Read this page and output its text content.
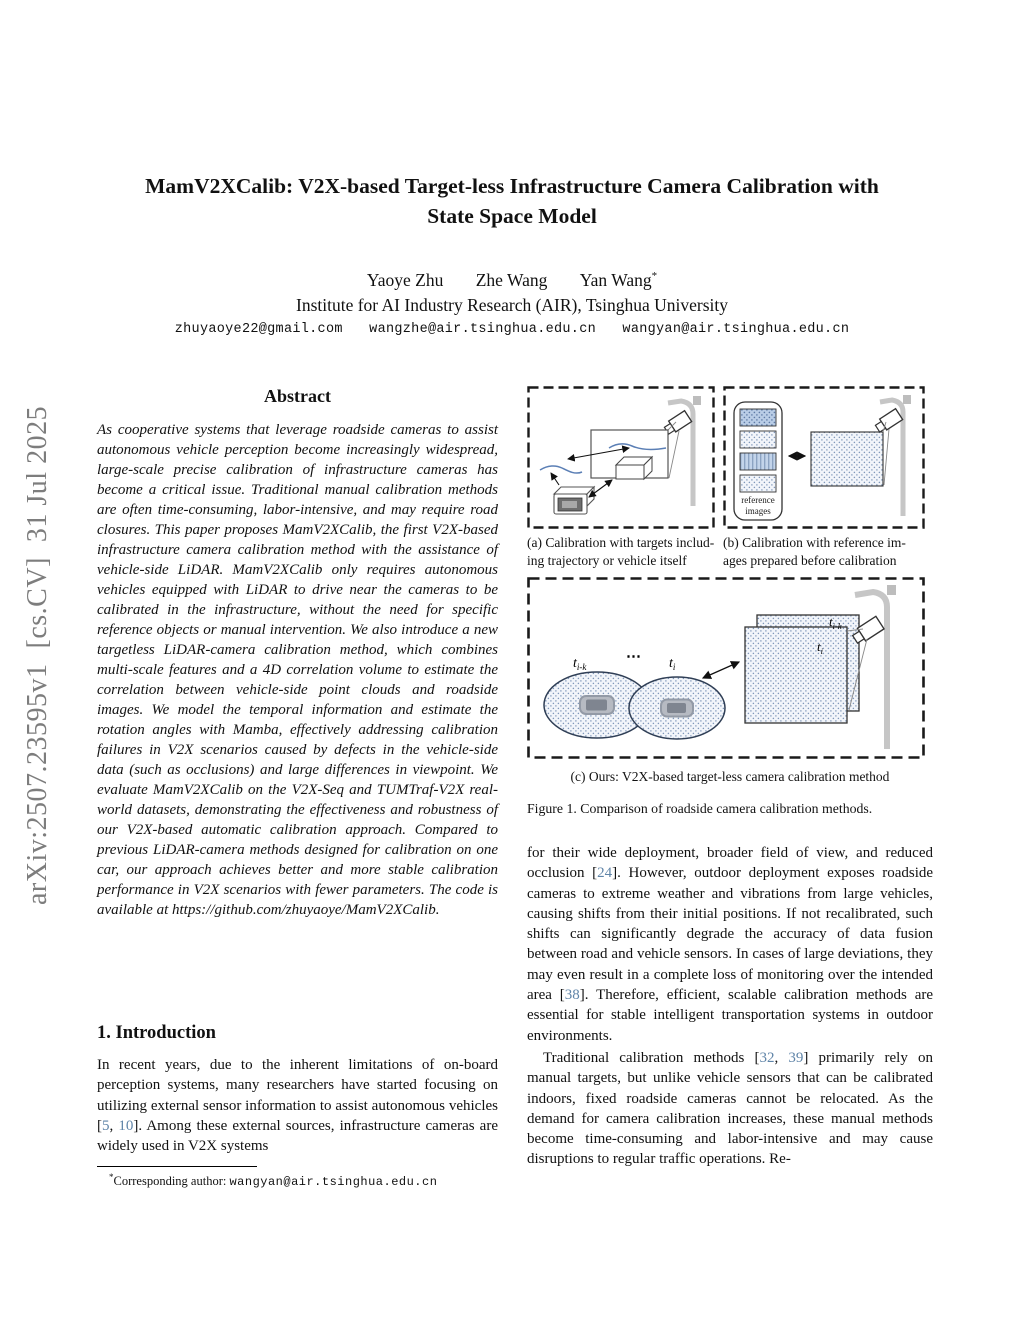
arXiv:2507.23595v1  [cs.CV]  31 Jul 2025
MamV2XCalib: V2X-based Target-less Infrastructure Camera Calibration with
State Space Model
Yaoye Zhu Zhe Wang Yan Wang*
Institute for AI Industry Research (AIR), Tsinghua University
zhuyaoye22@gmail.com wangzhe@air.tsinghua.edu.cn wangyan@air.tsinghua.edu.cn
Abstract
As cooperative systems that leverage roadside cameras to assist autonomous vehicle perception become increasingly widespread, large-scale precise calibration of infrastructure cameras has become a critical issue. Traditional manual calibration methods are often time-consuming, labor-intensive, and may require road closures. This paper proposes MamV2XCalib, the first V2X-based infrastructure camera calibration method with the assistance of vehicle-side LiDAR. MamV2XCalib only requires autonomous vehicles equipped with LiDAR to drive near the cameras to be calibrated in the infrastructure, without the need for specific reference objects or manual intervention. We also introduce a new targetless LiDAR-camera calibration method, which combines multi-scale features and a 4D correlation volume to estimate the correlation between vehicle-side point clouds and roadside images. We model the temporal information and estimate the rotation angles with Mamba, effectively addressing calibration failures in V2X scenarios caused by defects in the vehicle-side data (such as occlusions) and large differences in viewpoint. We evaluate MamV2XCalib on the V2X-Seq and TUMTraf-V2X real-world datasets, demonstrating the effectiveness and robustness of our V2X-based automatic calibration approach. Compared to previous LiDAR-camera methods designed for calibration on one car, our approach achieves better and more stable calibration performance in V2X scenarios with fewer parameters. The code is available at https://github.com/zhuyaoye/MamV2XCalib.
1. Introduction

In recent years, due to the inherent limitations of on-board perception systems, many researchers have started focusing on utilizing external sensor information to assist autonomous vehicles [5, 10]. Among these external sources, infrastructure cameras are widely used in V2X systems

*Corresponding author: wangyan@air.tsinghua.edu.cn
reference
images
(a) Calibration with targets includ-
ing trajectory or vehicle itself
(b) Calibration with reference im-
ages prepared before calibration
$t_{i-k}$
⋯ $t_i$
$t_{i-k}$
$t_i$
(c) Ours: V2X-based target-less camera calibration method
Figure 1. Comparison of roadside camera calibration methods.

for their wide deployment, broader field of view, and reduced occlusion [24]. However, outdoor deployment exposes roadside cameras to extreme weather and vibrations from large vehicles, causing shifts from their initial positions. If not recalibrated, such shifts can significantly degrade the accuracy of data fusion between road and vehicle sensors. In cases of large deviations, they may even result in a complete loss of monitoring over the intended area [38]. Therefore, efficient, scalable calibration methods are essential for stable intelligent transportation systems in outdoor environments.

Traditional calibration methods [32, 39] primarily rely on manual targets, but unlike vehicle sensors that can be calibrated indoors, fixed roadside cameras cannot be relocated. As the demand for camera calibration increases, these manual methods become time-consuming and labor-intensive and may cause disruptions to regular traffic operations. Re-
